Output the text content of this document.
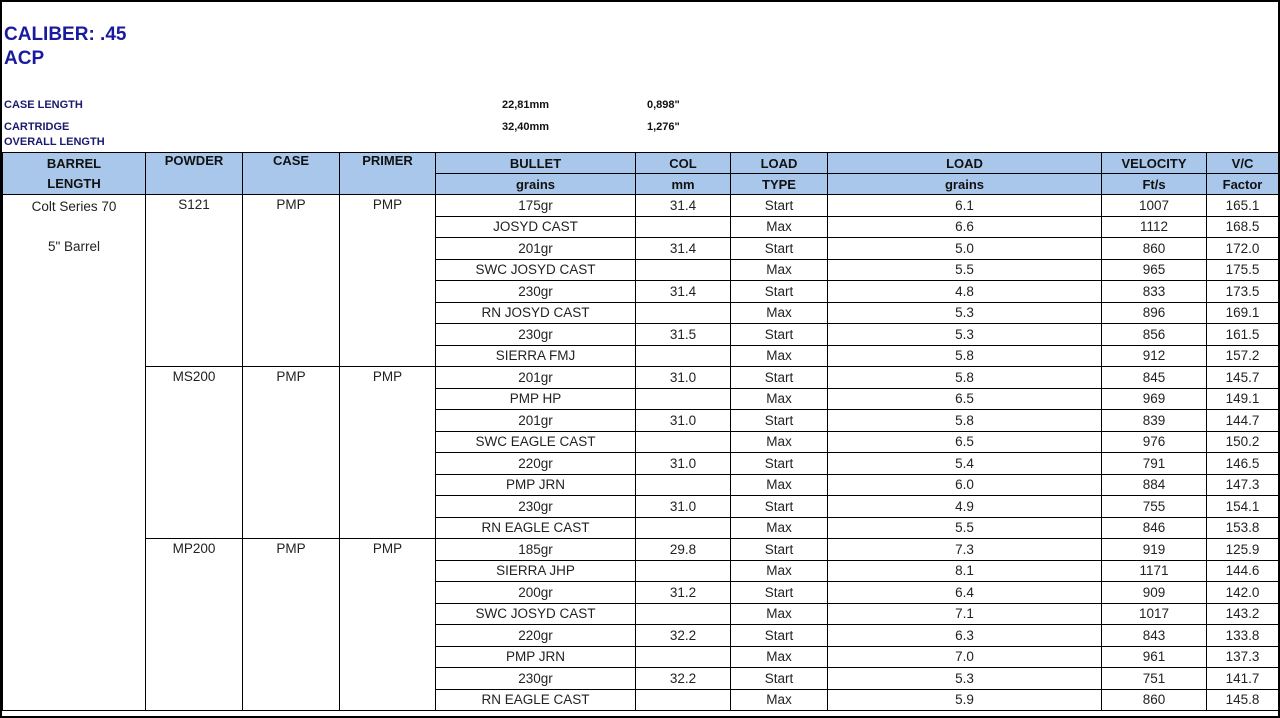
CALIBER: .45
ACP
CASE LENGTH	22,81mm	0,898"
CARTRIDGE
OVERALL LENGTH
32,40mm	1,276"
BARREL
LENGTH	POWDER	CASE	PRIMER	BULLET	COL	LOAD	LOAD	VELOCITY	V/C
				grains	mm	TYPE	grains	Ft/s	Factor
Colt Series 70
5" Barrel	S121	PMP	PMP	175gr	31.4	Start	6.1	1007	165.1
				JOSYD CAST		Max	6.6	1112	168.5
				201gr	31.4	Start	5.0	860	172.0
				SWC JOSYD CAST		Max	5.5	965	175.5
				230gr	31.4	Start	4.8	833	173.5
				RN JOSYD CAST		Max	5.3	896	169.1
				230gr	31.5	Start	5.3	856	161.5
				SIERRA FMJ		Max	5.8	912	157.2
	MS200	PMP	PMP	201gr	31.0	Start	5.8	845	145.7
				PMP HP		Max	6.5	969	149.1
				201gr	31.0	Start	5.8	839	144.7
				SWC EAGLE CAST		Max	6.5	976	150.2
				220gr	31.0	Start	5.4	791	146.5
				PMP JRN		Max	6.0	884	147.3
				230gr	31.0	Start	4.9	755	154.1
				RN EAGLE CAST		Max	5.5	846	153.8
	MP200	PMP	PMP	185gr	29.8	Start	7.3	919	125.9
				SIERRA JHP		Max	8.1	1171	144.6
				200gr	31.2	Start	6.4	909	142.0
				SWC JOSYD CAST		Max	7.1	1017	143.2
				220gr	32.2	Start	6.3	843	133.8
				PMP JRN		Max	7.0	961	137.3
				230gr	32.2	Start	5.3	751	141.7
				RN EAGLE CAST		Max	5.9	860	145.8
